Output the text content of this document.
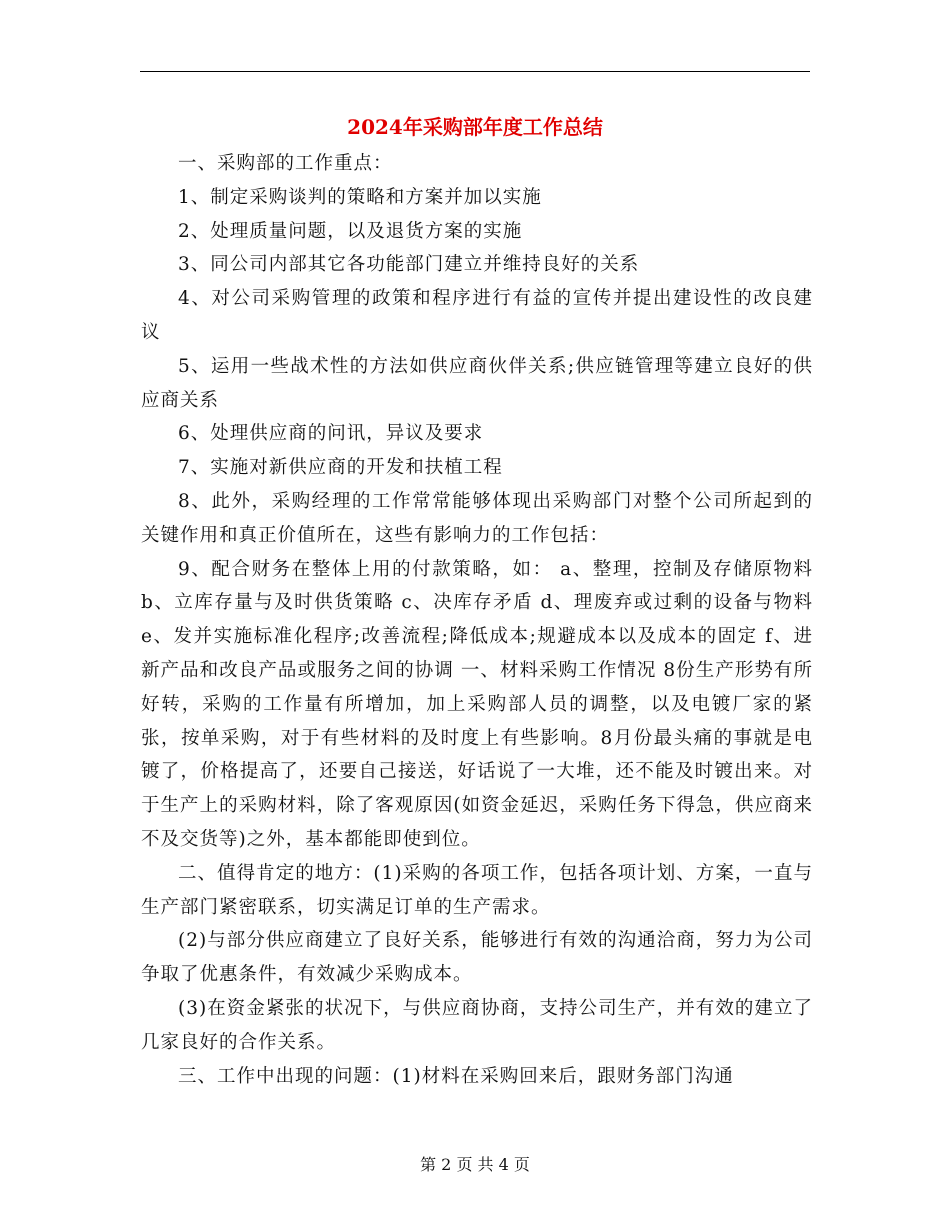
2024年采购部年度工作总结

一、采购部的工作重点：

1、制定采购谈判的策略和方案并加以实施

2、处理质量问题，以及退货方案的实施

3、同公司内部其它各功能部门建立并维持良好的关系

4、对公司采购管理的政策和程序进行有益的宣传并提出建设性的改良建议

5、运用一些战术性的方法如供应商伙伴关系;供应链管理等建立良好的供应商关系

6、处理供应商的问讯，异议及要求

7、实施对新供应商的开发和扶植工程

8、此外，采购经理的工作常常能够体现出采购部门对整个公司所起到的关键作用和真正价值所在，这些有影响力的工作包括：

9、配合财务在整体上用的付款策略，如： a、整理，控制及存储原物料 b、立库存量与及时供货策略 c、决库存矛盾 d、理废弃或过剩的设备与物料 e、发并实施标准化程序;改善流程;降低成本;规避成本以及成本的固定 f、进新产品和改良产品或服务之间的协调 一、材料采购工作情况 8份生产形势有所好转，采购的工作量有所增加，加上采购部人员的调整，以及电镀厂家的紧张，按单采购，对于有些材料的及时度上有些影响。8月份最头痛的事就是电镀了，价格提高了，还要自己接送，好话说了一大堆，还不能及时镀出来。对于生产上的采购材料，除了客观原因(如资金延迟，采购任务下得急，供应商来不及交货等)之外，基本都能即使到位。

二、值得肯定的地方：(1)采购的各项工作，包括各项计划、方案，一直与生产部门紧密联系，切实满足订单的生产需求。

(2)与部分供应商建立了良好关系，能够进行有效的沟通洽商，努力为公司争取了优惠条件，有效减少采购成本。

(3)在资金紧张的状况下，与供应商协商，支持公司生产，并有效的建立了几家良好的合作关系。

三、工作中出现的问题：(1)材料在采购回来后，跟财务部门沟通

第 2 页 共 4 页
